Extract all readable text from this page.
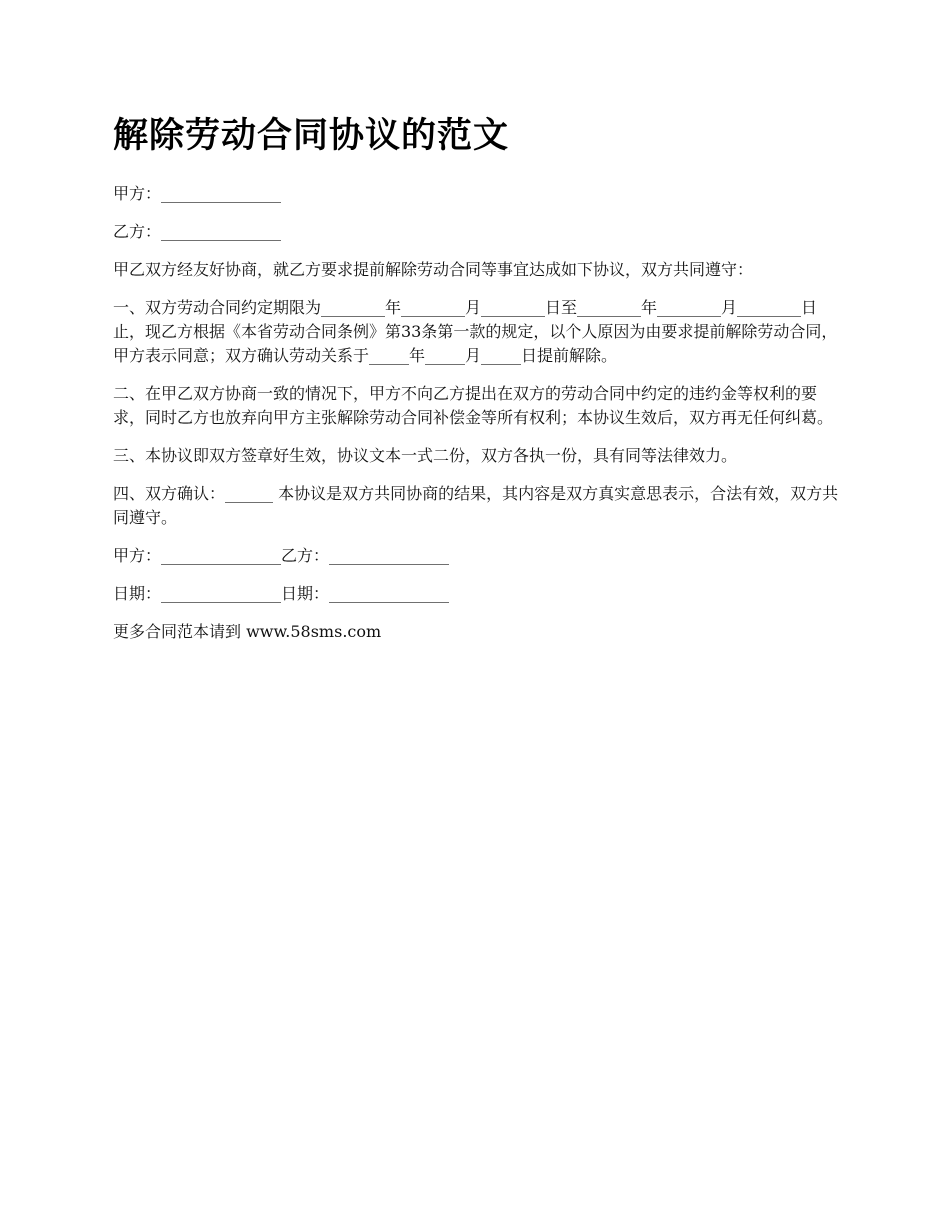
解除劳动合同协议的范文

甲方：_______________

乙方：_______________

甲乙双方经友好协商，就乙方要求提前解除劳动合同等事宜达成如下协议，双方共同遵守：

一、双方劳动合同约定期限为________年________月________日至________年________月________日止，现乙方根据《本省劳动合同条例》第33条第一款的规定，以个人原因为由要求提前解除劳动合同，甲方表示同意；双方确认劳动关系于_____年_____月_____日提前解除。

二、在甲乙双方协商一致的情况下，甲方不向乙方提出在双方的劳动合同中约定的违约金等权利的要求，同时乙方也放弃向甲方主张解除劳动合同补偿金等所有权利；本协议生效后，双方再无任何纠葛。

三、本协议即双方签章好生效，协议文本一式二份，双方各执一份，具有同等法律效力。

四、双方确认：______ 本协议是双方共同协商的结果，其内容是双方真实意思表示，合法有效，双方共同遵守。

甲方：_______________乙方：_______________

日期：_______________日期：_______________

更多合同范本请到 www.58sms.com
